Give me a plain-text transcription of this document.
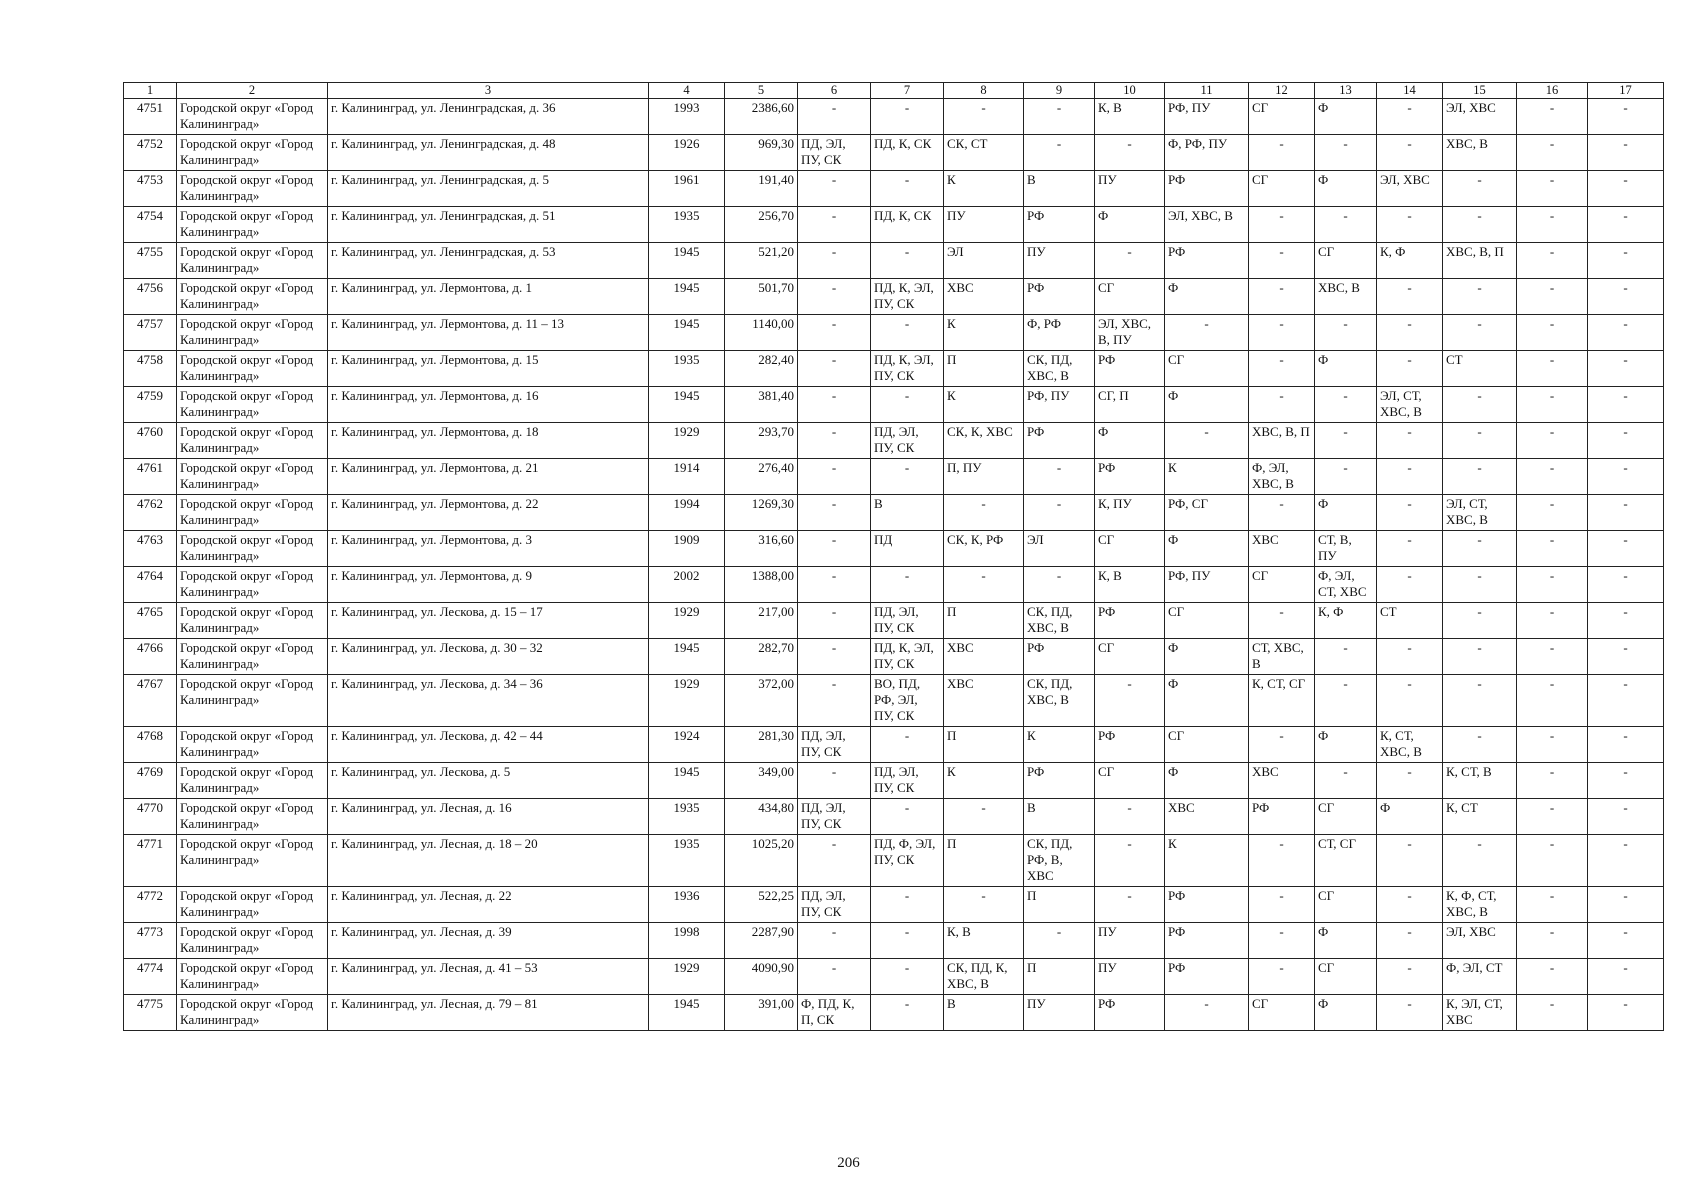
1	2	3	4	5	6	7	8	9	10	11	12	13	14	15	16	17
4751	Городской округ «Город Калининград»	г. Калининград, ул. Ленинградская, д. 36	1993	2386,60	-	-	-	-	К, В	РФ, ПУ	СГ	Ф	-	ЭЛ, ХВС	-	-
4752	Городской округ «Город Калининград»	г. Калининград, ул. Ленинградская, д. 48	1926	969,30	ПД, ЭЛ, ПУ, СК	ПД, К, СК	СК, СТ	-	-	Ф, РФ, ПУ	-	-	-	ХВС, В	-	-
4753	Городской округ «Город Калининград»	г. Калининград, ул. Ленинградская, д. 5	1961	191,40	-	-	К	В	ПУ	РФ	СГ	Ф	ЭЛ, ХВС	-	-	-
4754	Городской округ «Город Калининград»	г. Калининград, ул. Ленинградская, д. 51	1935	256,70	-	ПД, К, СК	ПУ	РФ	Ф	ЭЛ, ХВС, В	-	-	-	-	-	-
4755	Городской округ «Город Калининград»	г. Калининград, ул. Ленинградская, д. 53	1945	521,20	-	-	ЭЛ	ПУ	-	РФ	-	СГ	К, Ф	ХВС, В, П	-	-
4756	Городской округ «Город Калининград»	г. Калининград, ул. Лермонтова, д. 1	1945	501,70	-	ПД, К, ЭЛ, ПУ, СК	ХВС	РФ	СГ	Ф	-	ХВС, В	-	-	-	-
4757	Городской округ «Город Калининград»	г. Калининград, ул. Лермонтова, д. 11 – 13	1945	1140,00	-	-	К	Ф, РФ	ЭЛ, ХВС, В, ПУ	-	-	-	-	-	-	-
4758	Городской округ «Город Калининград»	г. Калининград, ул. Лермонтова, д. 15	1935	282,40	-	ПД, К, ЭЛ, ПУ, СК	П	СК, ПД, ХВС, В	РФ	СГ	-	Ф	-	СТ	-	-
4759	Городской округ «Город Калининград»	г. Калининград, ул. Лермонтова, д. 16	1945	381,40	-	-	К	РФ, ПУ	СГ, П	Ф	-	-	ЭЛ, СТ, ХВС, В	-	-	-
4760	Городской округ «Город Калининград»	г. Калининград, ул. Лермонтова, д. 18	1929	293,70	-	ПД, ЭЛ, ПУ, СК	СК, К, ХВС	РФ	Ф	-	ХВС, В, П	-	-	-	-	-
4761	Городской округ «Город Калининград»	г. Калининград, ул. Лермонтова, д. 21	1914	276,40	-	-	П, ПУ	-	РФ	К	Ф, ЭЛ, ХВС, В	-	-	-	-	-
4762	Городской округ «Город Калининград»	г. Калининград, ул. Лермонтова, д. 22	1994	1269,30	-	В	-	-	К, ПУ	РФ, СГ	-	Ф	-	ЭЛ, СТ, ХВС, В	-	-
4763	Городской округ «Город Калининград»	г. Калининград, ул. Лермонтова, д. 3	1909	316,60	-	ПД	СК, К, РФ	ЭЛ	СГ	Ф	ХВС	СТ, В, ПУ	-	-	-	-
4764	Городской округ «Город Калининград»	г. Калининград, ул. Лермонтова, д. 9	2002	1388,00	-	-	-	-	К, В	РФ, ПУ	СГ	Ф, ЭЛ, СТ, ХВС	-	-	-	-
4765	Городской округ «Город Калининград»	г. Калининград, ул. Лескова, д. 15 – 17	1929	217,00	-	ПД, ЭЛ, ПУ, СК	П	СК, ПД, ХВС, В	РФ	СГ	-	К, Ф	СТ	-	-	-
4766	Городской округ «Город Калининград»	г. Калининград, ул. Лескова, д. 30 – 32	1945	282,70	-	ПД, К, ЭЛ, ПУ, СК	ХВС	РФ	СГ	Ф	СТ, ХВС, В	-	-	-	-	-
4767	Городской округ «Город Калининград»	г. Калининград, ул. Лескова, д. 34 – 36	1929	372,00	-	ВО, ПД, РФ, ЭЛ, ПУ, СК	ХВС	СК, ПД, ХВС, В	-	Ф	К, СТ, СГ	-	-	-	-	-
4768	Городской округ «Город Калининград»	г. Калининград, ул. Лескова, д. 42 – 44	1924	281,30	ПД, ЭЛ, ПУ, СК	-	П	К	РФ	СГ	-	Ф	К, СТ, ХВС, В	-	-	-
4769	Городской округ «Город Калининград»	г. Калининград, ул. Лескова, д. 5	1945	349,00	-	ПД, ЭЛ, ПУ, СК	К	РФ	СГ	Ф	ХВС	-	-	К, СТ, В	-	-
4770	Городской округ «Город Калининград»	г. Калининград, ул. Лесная, д. 16	1935	434,80	ПД, ЭЛ, ПУ, СК	-	-	В	-	ХВС	РФ	СГ	Ф	К, СТ	-	-
4771	Городской округ «Город Калининград»	г. Калининград, ул. Лесная, д. 18 – 20	1935	1025,20	-	ПД, Ф, ЭЛ, ПУ, СК	П	СК, ПД, РФ, В, ХВС	-	К	-	СТ, СГ	-	-	-	-
4772	Городской округ «Город Калининград»	г. Калининград, ул. Лесная, д. 22	1936	522,25	ПД, ЭЛ, ПУ, СК	-	-	П	-	РФ	-	СГ	-	К, Ф, СТ, ХВС, В	-	-
4773	Городской округ «Город Калининград»	г. Калининград, ул. Лесная, д. 39	1998	2287,90	-	-	К, В	-	ПУ	РФ	-	Ф	-	ЭЛ, ХВС	-	-
4774	Городской округ «Город Калининград»	г. Калининград, ул. Лесная, д. 41 – 53	1929	4090,90	-	-	СК, ПД, К, ХВС, В	П	ПУ	РФ	-	СГ	-	Ф, ЭЛ, СТ	-	-
4775	Городской округ «Город Калининград»	г. Калининград, ул. Лесная, д. 79 – 81	1945	391,00	Ф, ПД, К, П, СК	-	В	ПУ	РФ	-	СГ	Ф	-	К, ЭЛ, СТ, ХВС	-	-
206
